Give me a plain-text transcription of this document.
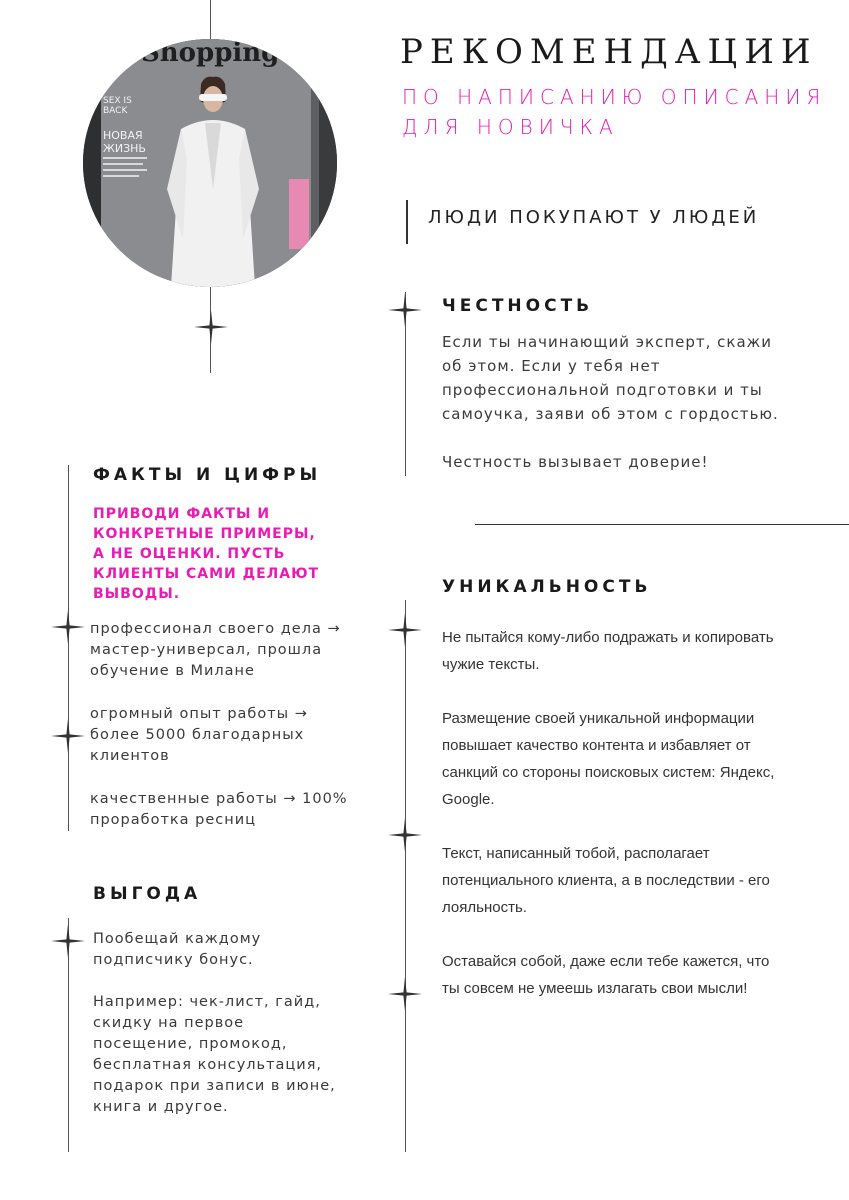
Shopping
SEX IS
BACK
НОВАЯ
ЖИЗНЬ
РЕКОМЕНДАЦИИ
ПО НАПИСАНИЮ ОПИСАНИЯ
ДЛЯ НОВИЧКА
ЛЮДИ ПОКУПАЮТ У ЛЮДЕЙ
ЧЕСТНОСТЬ

Если ты начинающий эксперт, скажи об этом. Если у тебя нет профессиональной подготовки и ты самоучка, заяви об этом с гордостью.

Честность вызывает доверие!

ФАКТЫ И ЦИФРЫ
ПРИВОДИ ФАКТЫ И КОНКРЕТНЫЕ ПРИМЕРЫ, А НЕ ОЦЕНКИ. ПУСТЬ КЛИЕНТЫ САМИ ДЕЛАЮТ ВЫВОДЫ.

профессионал своего дела → мастер-универсал, прошла обучение в Милане

огромный опыт работы → более 5000 благодарных клиентов

качественные работы → 100% проработка ресниц

УНИКАЛЬНОСТЬ

Не пытайся кому-либо подражать и копировать чужие тексты.

Размещение своей уникальной информации повышает качество контента и избавляет от санкций со стороны поисковых систем: Яндекс, Google.

Текст, написанный тобой, располагает потенциального клиента, а в последствии - его лояльность.

Оставайся собой, даже если тебе кажется, что ты совсем не умеешь излагать свои мысли!

ВЫГОДА

Пообещай каждому подписчику бонус.

Например: чек-лист, гайд, скидку на первое посещение, промокод, бесплатная консультация, подарок при записи в июне, книга и другое.
